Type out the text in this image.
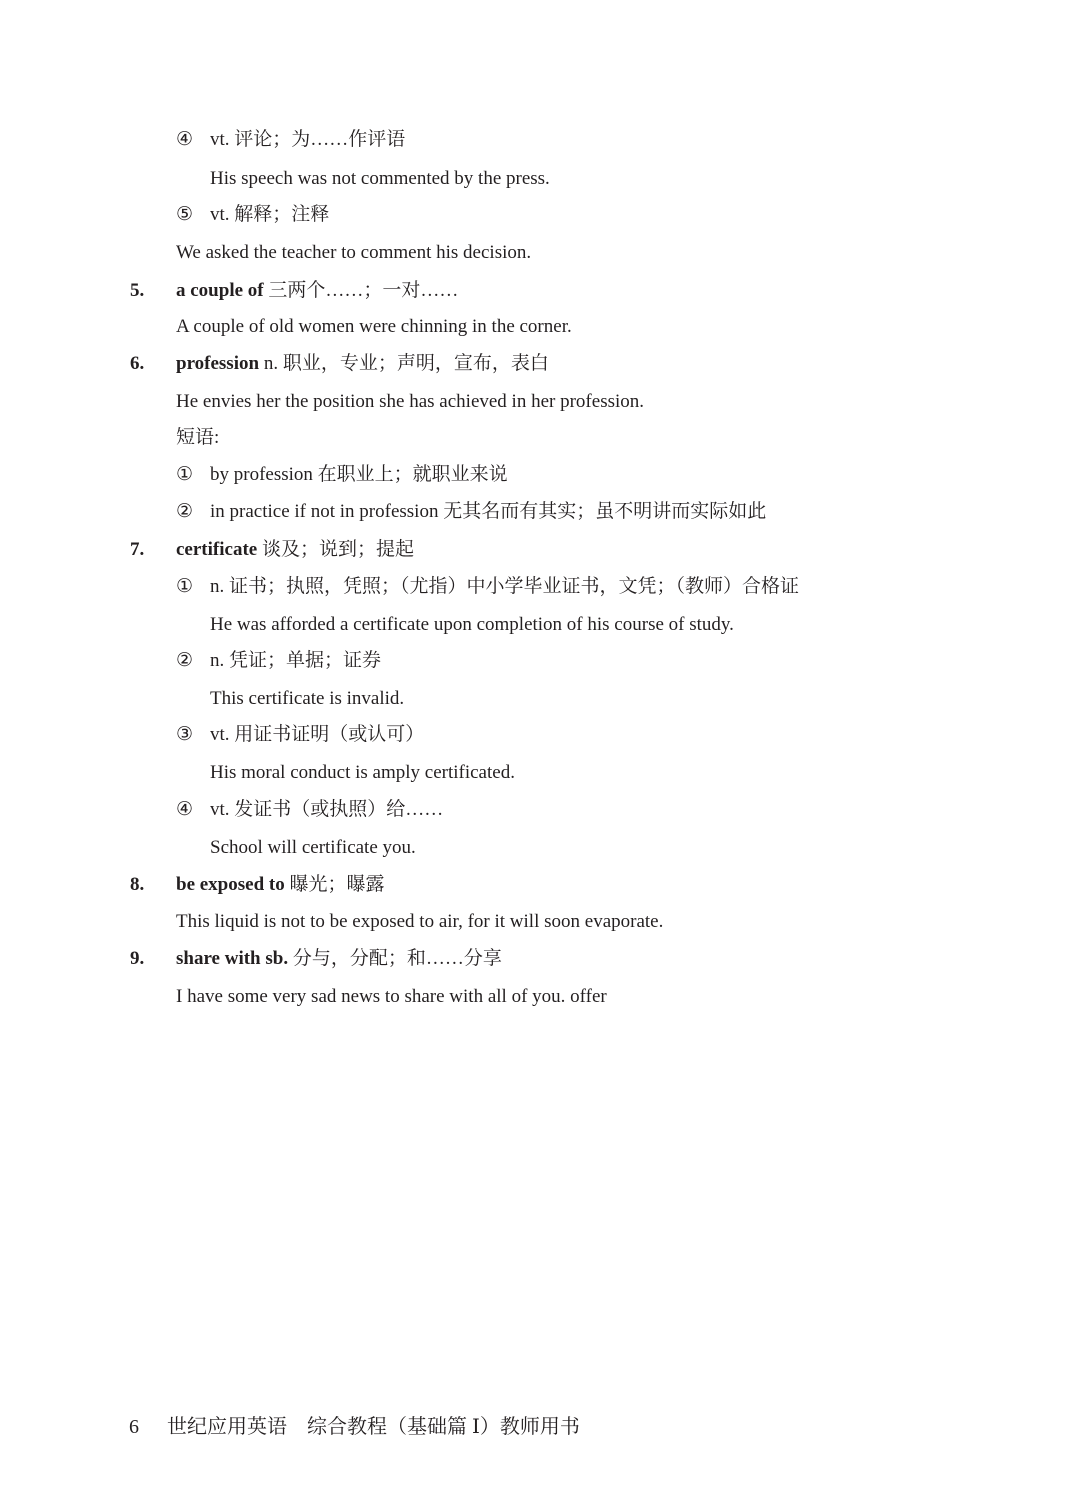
④ vt. 评论；为……作评语
His speech was not commented by the press.
⑤ vt. 解释；注释
We asked the teacher to comment his decision.
5. a couple of 三两个……；一对……
A couple of old women were chinning in the corner.
6. profession n. 职业，专业；声明，宣布，表白
He envies her the position she has achieved in her profession.
短语:
① by profession 在职业上；就职业来说
② in practice if not in profession 无其名而有其实；虽不明讲而实际如此
7. certificate 谈及；说到；提起
① n. 证书；执照，凭照；（尤指）中小学毕业证书，文凭；（教师）合格证
He was afforded a certificate upon completion of his course of study.
② n. 凭证；单据；证券
This certificate is invalid.
③ vt. 用证书证明（或认可）
His moral conduct is amply certificated.
④ vt. 发证书（或执照）给……
School will certificate you.
8. be exposed to 曝光；曝露
This liquid is not to be exposed to air, for it will soon evaporate.
9. share with sb. 分与，分配；和……分享
I have some very sad news to share with all of you. offer
6 世纪应用英语　综合教程（基础篇 Ⅰ）教师用书
